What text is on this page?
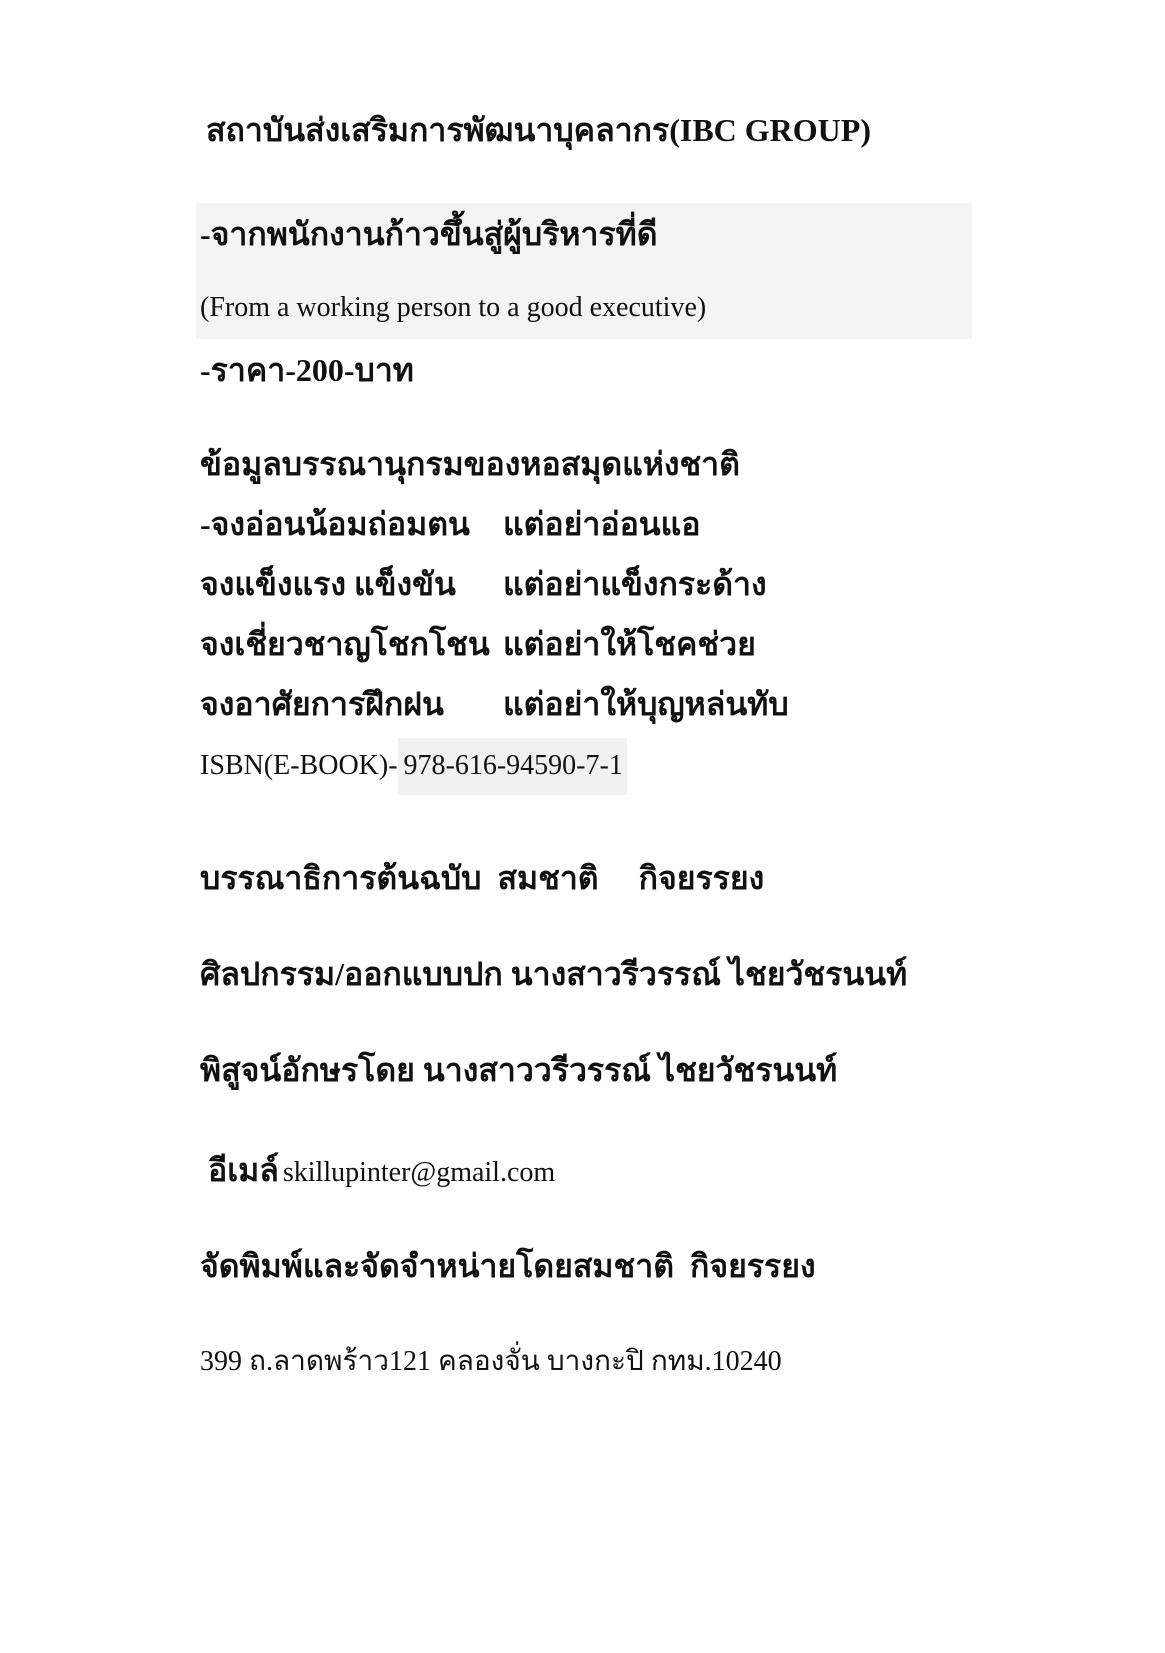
สถาบันส่งเสริมการพัฒนาบุคลากร(IBC GROUP)
-จากพนักงานก้าวขึ้นสู่ผู้บริหารที่ดี
(From a working person to a good executive)
-ราคา-200-บาท
ข้อมูลบรรณานุกรมของหอสมุดแห่งชาติ
-จงอ่อนน้อมถ่อมตน แต่อย่าอ่อนแอ
จงแข็งแรง แข็งขัน แต่อย่าแข็งกระด้าง
จงเชี่ยวชาญโชกโชน แต่อย่าให้โชคช่วย
จงอาศัยการฝึกฝน แต่อย่าให้บุญหล่นทับ
ISBN(E-BOOK)- 978-616-94590-7-1
บรรณาธิการต้นฉบับ  สมชาติ     กิจยรรยง
ศิลปกรรม/ออกแบบปก นางสาวรีวรรณ์ ไชยวัชรนนท์
พิสูจน์อักษรโดย นางสาววรีวรรณ์ ไชยวัชรนนท์
อีเมล์ skillupinter@gmail.com
จัดพิมพ์และจัดจำหน่ายโดยสมชาติ  กิจยรรยง
399 ถ.ลาดพร้าว121 คลองจั่น บางกะปิ กทม.10240
